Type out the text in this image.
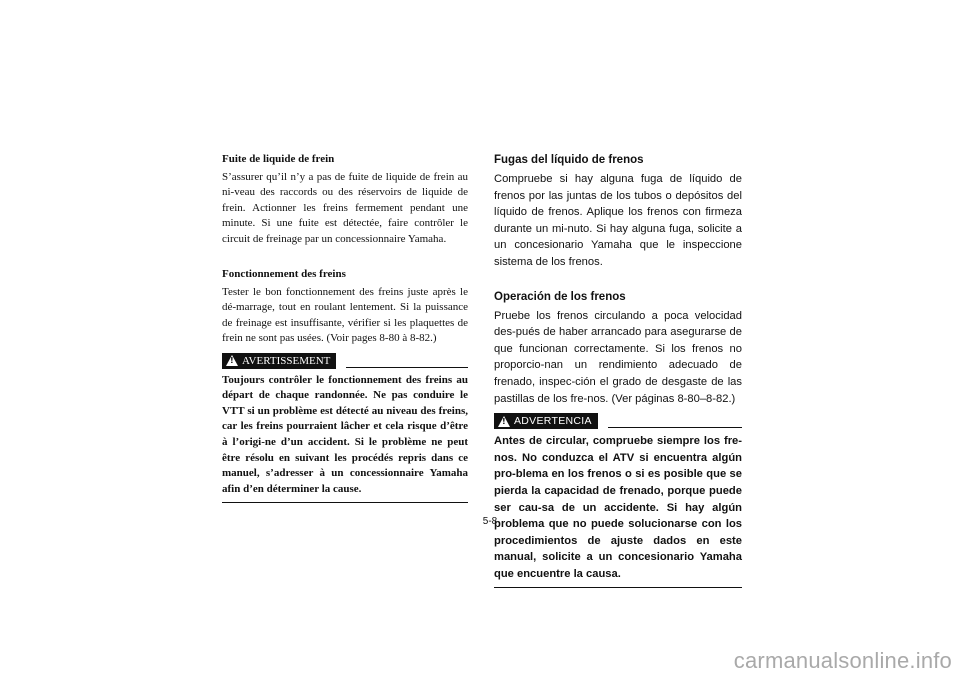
Fuite de liquide de frein

S’assurer qu’il n’y a pas de fuite de liquide de frein au ni-veau des raccords ou des réservoirs de liquide de frein. Actionner les freins fermement pendant une minute. Si une fuite est détectée, faire contrôler le circuit de freinage par un concessionnaire Yamaha.

Fonctionnement des freins

Tester le bon fonctionnement des freins juste après le dé-marrage, tout en roulant lentement. Si la puissance de freinage est insuffisante, vérifier si les plaquettes de frein ne sont pas usées. (Voir pages 8-80 à 8-82.)

!
AVERTISSEMENT

Toujours contrôler le fonctionnement des freins au départ de chaque randonnée. Ne pas conduire le VTT si un problème est détecté au niveau des freins, car les freins pourraient lâcher et cela risque d’être à l’origi-ne d’un accident. Si le problème ne peut être résolu en suivant les procédés repris dans ce manuel, s’adresser à un concessionnaire Yamaha afin d’en déterminer la cause.

Fugas del líquido de frenos

Compruebe si hay alguna fuga de líquido de frenos por las juntas de los tubos o depósitos del líquido de frenos. Aplique los frenos con firmeza durante un mi-nuto. Si hay alguna fuga, solicite a un concesionario Yamaha que le inspeccione sistema de los frenos.

Operación de los frenos

Pruebe los frenos circulando a poca velocidad des-pués de haber arrancado para asegurarse de que funcionan correctamente. Si los frenos no proporcio-nan un rendimiento adecuado de frenado, inspec-ción el grado de desgaste de las pastillas de los fre-nos. (Ver páginas 8-80–8-82.)

!
ADVERTENCIA

Antes de circular, compruebe siempre los fre-nos. No conduzca el ATV si encuentra algún pro-blema en los frenos o si es posible que se pierda la capacidad de frenado, porque puede ser cau-sa de un accidente. Si hay algún problema que no puede solucionarse con los procedimientos de ajuste dados en este manual, solicite a un concesionario Yamaha que encuentre la causa.

5-8
carmanualsonline.info
